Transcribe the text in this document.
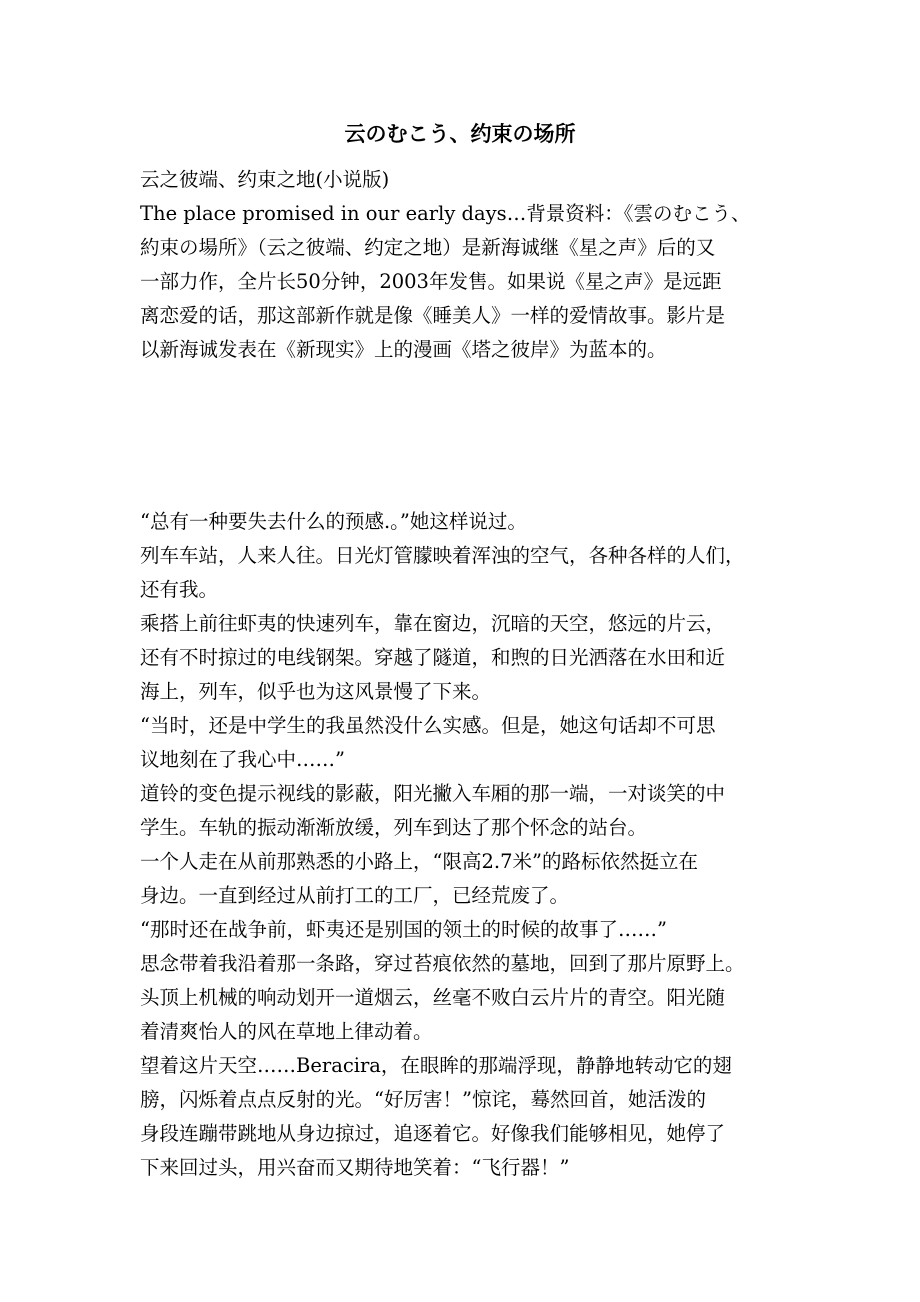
云のむこう、约束の场所
云之彼端、约束之地(小说版)
The place promised in our early days…背景资料：《雲のむこう、
約束の場所》（云之彼端、约定之地）是新海诚继《星之声》后的又
一部力作，全片长50分钟，2003年发售。如果说《星之声》是远距
离恋爱的话，那这部新作就是像《睡美人》一样的爱情故事。影片是
以新海诚发表在《新现实》上的漫画《塔之彼岸》为蓝本的。
“总有一种要失去什么的预感.。”她这样说过。
列车车站，人来人往。日光灯管朦映着浑浊的空气，各种各样的人们，
还有我。
乘搭上前往虾夷的快速列车，靠在窗边，沉暗的天空，悠远的片云，
还有不时掠过的电线钢架。穿越了隧道，和煦的日光洒落在水田和近
海上，列车，似乎也为这风景慢了下来。
“当时，还是中学生的我虽然没什么实感。但是，她这句话却不可思
议地刻在了我心中……”
道铃的变色提示视线的影蔽，阳光撇入车厢的那一端，一对谈笑的中
学生。车轨的振动渐渐放缓，列车到达了那个怀念的站台。
一个人走在从前那熟悉的小路上，“限高2.7米”的路标依然挺立在
身边。一直到经过从前打工的工厂，已经荒废了。
“那时还在战争前，虾夷还是别国的领土的时候的故事了……”
思念带着我沿着那一条路，穿过苔痕依然的墓地，回到了那片原野上。
头顶上机械的响动划开一道烟云，丝毫不败白云片片的青空。阳光随
着清爽怡人的风在草地上律动着。
望着这片天空……Beracira，在眼眸的那端浮现，静静地转动它的翅
膀，闪烁着点点反射的光。“好厉害！”惊诧，蓦然回首，她活泼的
身段连蹦带跳地从身边掠过，追逐着它。好像我们能够相见，她停了
下来回过头，用兴奋而又期待地笑着：“飞行器！”
